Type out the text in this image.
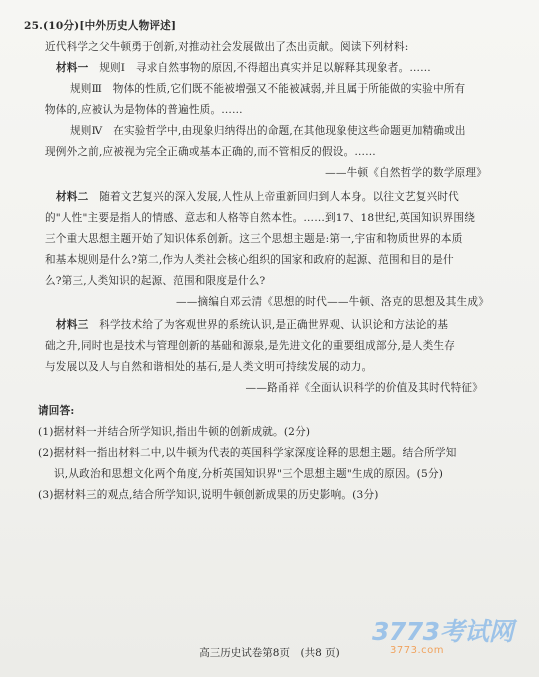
25.(10分)[中外历史人物评述]
近代科学之父牛顿勇于创新,对推动社会发展做出了杰出贡献。阅读下列材料:
材料一　 规则Ⅰ　寻求自然事物的原因,不得超出真实并足以解释其现象者。……
规则Ⅲ　物体的性质,它们既不能被增强又不能被减弱,并且属于所能做的实验中所有
物体的,应被认为是物体的普遍性质。……
规则Ⅳ　在实验哲学中,由现象归纳得出的命题,在其他现象使这些命题更加精确或出
现例外之前,应被视为完全正确或基本正确的,而不管相反的假设。……
——牛顿《自然哲学的数学原理》
材料二　 随着文艺复兴的深入发展,人性从上帝重新回归到人本身。以往文艺复兴时代
的"人性"主要是指人的情感、意志和人格等自然本性。……到17、18世纪,英国知识界围绕
三个重大思想主题开始了知识体系创新。这三个思想主题是:第一,宇宙和物质世界的本质
和基本规则是什么?第二,作为人类社会核心组织的国家和政府的起源、范围和目的是什
么?第三,人类知识的起源、范围和限度是什么?
——摘编自邓云清《思想的时代——牛顿、洛克的思想及其生成》
材料三　 科学技术给了为客观世界的系统认识,是正确世界观、认识论和方法论的基
础之升,同时也是技术与管理创新的基础和源泉,是先进文化的重要组成部分,是人类生存
与发展以及人与自然和谐相处的基石,是人类文明可持续发展的动力。
——路甬祥《全面认识科学的价值及其时代特征》
请回答:
(1)据材料一并结合所学知识,指出牛顿的创新成就。(2分)
(2)据材料一指出材料二中,以牛顿为代表的英国科学家深度诠释的思想主题。结合所学知
识,从政治和思想文化两个角度,分析英国知识界"三个思想主题"生成的原因。(5分)
(3)据材料三的观点,结合所学知识,说明牛顿创新成果的历史影响。(3分)
3773考试网
3773.com
高三历史试卷第8页　(共8 页)
